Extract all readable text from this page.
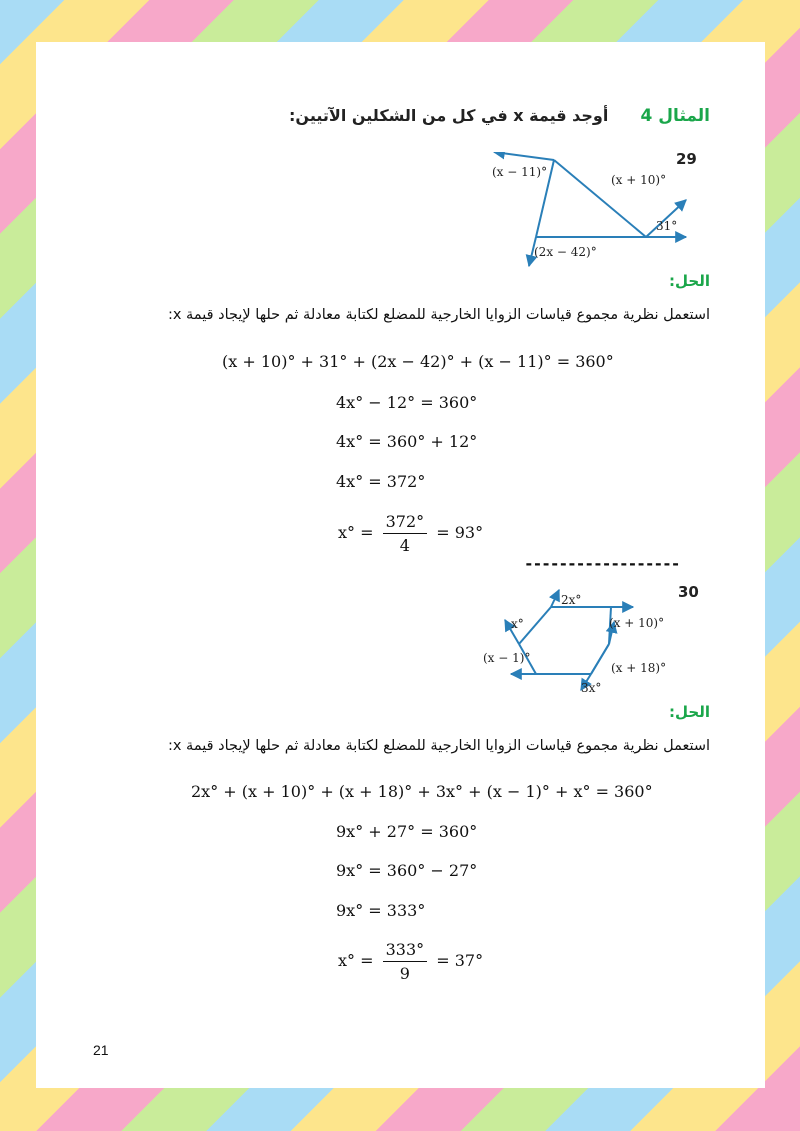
المثال 4  أوجد قيمة x في كل من الشكلين الآتيين:
29
(x − 11)°
(x + 10)°
31°
(2x − 42)°
الحل:
استعمل نظرية مجموع قياسات الزوايا الخارجية للمضلع لكتابة معادلة ثم حلها لإيجاد قيمة x:
(x + 10)° + 31° + (2x − 42)° + (x − 11)° = 360°
4x° − 12° = 360°
4x° = 360° + 12°
4x° = 372°
$x^\circ = \frac{372^\circ}{4} = 93^\circ$
------------------
30
2x°
(x + 10)°
x°
(x − 1)°
(x + 18)°
3x°
الحل:
استعمل نظرية مجموع قياسات الزوايا الخارجية للمضلع لكتابة معادلة ثم حلها لإيجاد قيمة x:
2x° + (x + 10)° + (x + 18)° + 3x° + (x − 1)° + x° = 360°
9x° + 27° = 360°
9x° = 360° − 27°
9x° = 333°
$x^\circ = \frac{333^\circ}{9} = 37^\circ$
21
